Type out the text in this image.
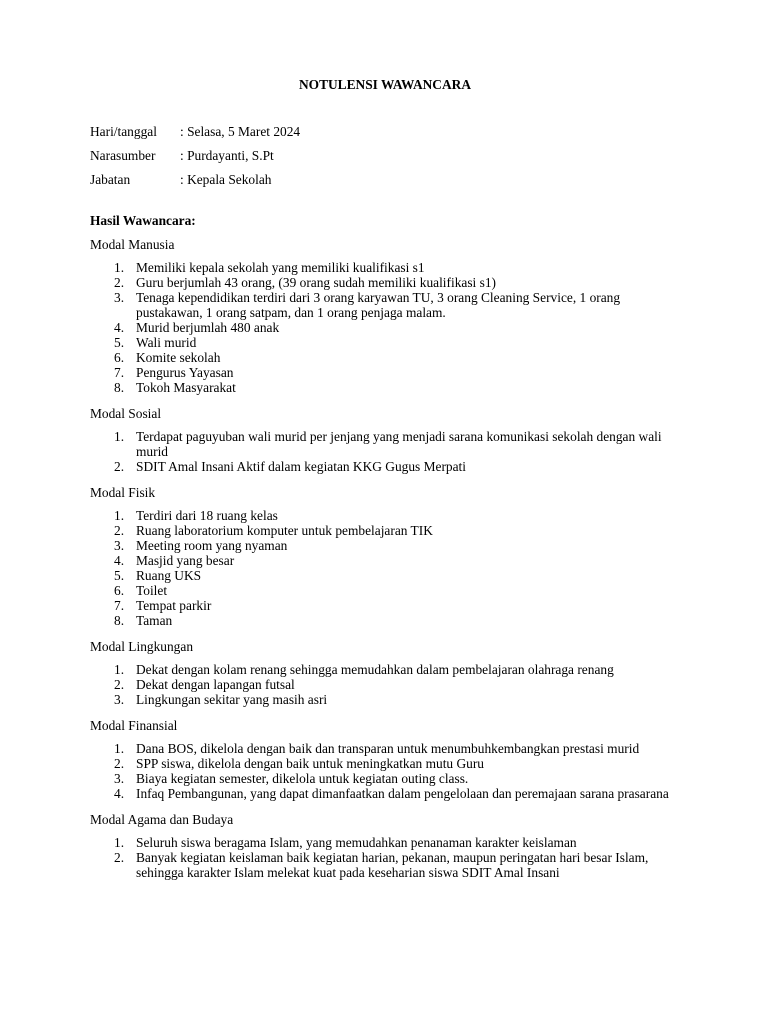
NOTULENSI WAWANCARA

Hari/tanggal	: Selasa, 5 Maret 2024
Narasumber	: Purdayanti, S.Pt
Jabatan	: Kepala Sekolah
Hasil Wawancara:
Modal Manusia
1. Memiliki kepala sekolah yang memiliki kualifikasi s1
2. Guru berjumlah 43 orang, (39 orang sudah memiliki kualifikasi s1)
3. Tenaga kependidikan terdiri dari 3 orang karyawan TU, 3 orang Cleaning Service, 1 orang pustakawan, 1 orang satpam, dan 1 orang penjaga malam.
4. Murid berjumlah 480 anak
5. Wali murid
6. Komite sekolah
7. Pengurus Yayasan
8. Tokoh Masyarakat
Modal Sosial
1. Terdapat paguyuban wali murid per jenjang yang menjadi sarana komunikasi sekolah dengan wali murid
2. SDIT Amal Insani Aktif dalam kegiatan KKG Gugus Merpati
Modal Fisik
1. Terdiri dari 18 ruang kelas
2. Ruang laboratorium komputer untuk pembelajaran TIK
3. Meeting room yang nyaman
4. Masjid yang besar
5. Ruang UKS
6. Toilet
7. Tempat parkir
8. Taman
Modal Lingkungan
1. Dekat dengan kolam renang sehingga memudahkan dalam pembelajaran olahraga renang
2. Dekat dengan lapangan futsal
3. Lingkungan sekitar yang masih asri
Modal Finansial
1. Dana BOS, dikelola dengan baik dan transparan untuk menumbuhkembangkan prestasi murid
2. SPP siswa, dikelola dengan baik untuk meningkatkan mutu Guru
3. Biaya kegiatan semester, dikelola untuk kegiatan outing class.
4. Infaq Pembangunan, yang dapat dimanfaatkan dalam pengelolaan dan peremajaan sarana prasarana
Modal Agama dan Budaya
1. Seluruh siswa beragama Islam, yang memudahkan penanaman karakter keislaman
2. Banyak kegiatan keislaman baik kegiatan harian, pekanan, maupun peringatan hari besar Islam, sehingga karakter Islam melekat kuat pada keseharian siswa SDIT Amal Insani
